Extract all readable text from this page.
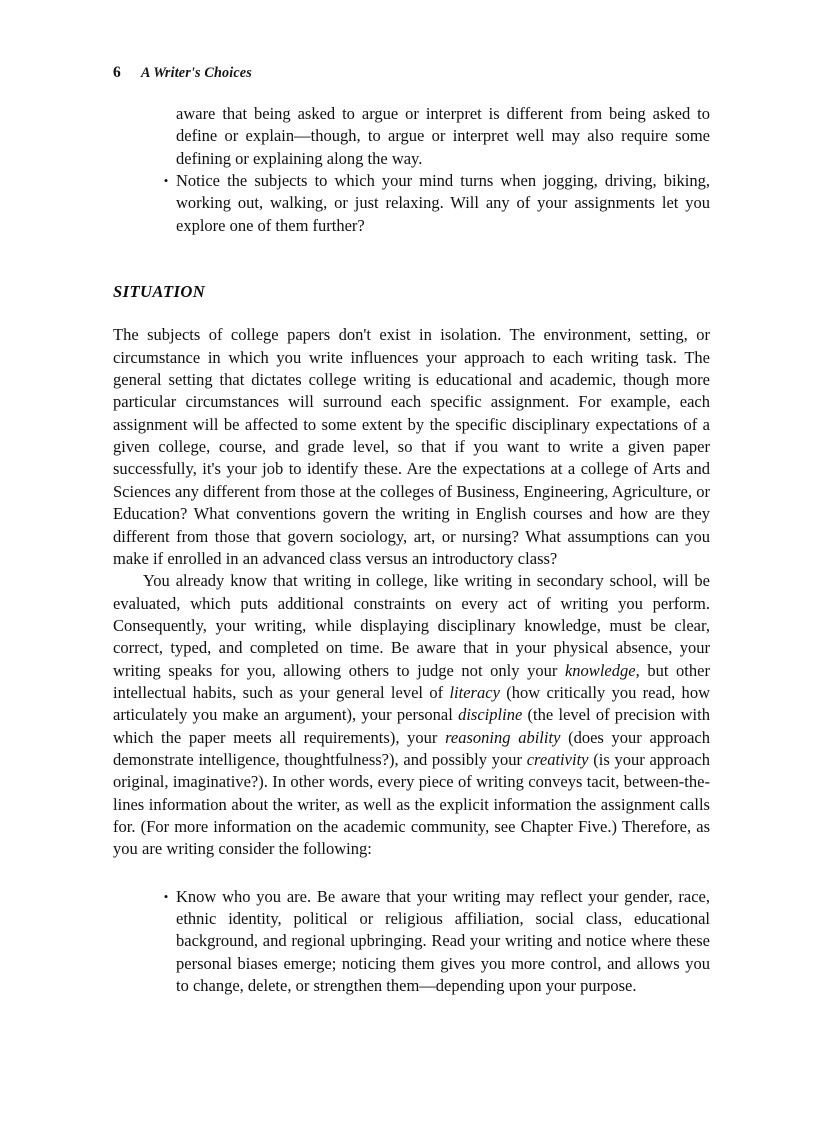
6 A Writer's Choices
aware that being asked to argue or interpret is different from being asked to define or explain—though, to argue or interpret well may also require some defining or explaining along the way.
•
Notice the subjects to which your mind turns when jogging, driving, biking, working out, walking, or just relaxing. Will any of your assignments let you explore one of them further?
SITUATION

The subjects of college papers don't exist in isolation. The environment, setting, or circumstance in which you write influences your approach to each writing task. The general setting that dictates college writing is educational and academic, though more particular circumstances will surround each specific assignment. For example, each assignment will be affected to some extent by the specific disciplinary expectations of a given college, course, and grade level, so that if you want to write a given paper successfully, it's your job to identify these. Are the expectations at a college of Arts and Sciences any different from those at the colleges of Business, Engineering, Agriculture, or Education? What conventions govern the writing in English courses and how are they different from those that govern sociology, art, or nursing? What assumptions can you make if enrolled in an advanced class versus an introductory class?

You already know that writing in college, like writing in secondary school, will be evaluated, which puts additional constraints on every act of writing you perform. Consequently, your writing, while displaying disciplinary knowledge, must be clear, correct, typed, and completed on time. Be aware that in your physical absence, your writing speaks for you, allowing others to judge not only your knowledge, but other intellectual habits, such as your general level of literacy (how critically you read, how articulately you make an argument), your personal discipline (the level of precision with which the paper meets all requirements), your reasoning ability (does your approach demonstrate intelligence, thoughtfulness?), and possibly your creativity (is your approach original, imaginative?). In other words, every piece of writing conveys tacit, between-the-lines information about the writer, as well as the explicit information the assignment calls for. (For more information on the academic community, see Chapter Five.) Therefore, as you are writing consider the following:

•
Know who you are. Be aware that your writing may reflect your gender, race, ethnic identity, political or religious affiliation, social class, educational background, and regional upbringing. Read your writing and notice where these personal biases emerge; noticing them gives you more control, and allows you to change, delete, or strengthen them—depending upon your purpose.
